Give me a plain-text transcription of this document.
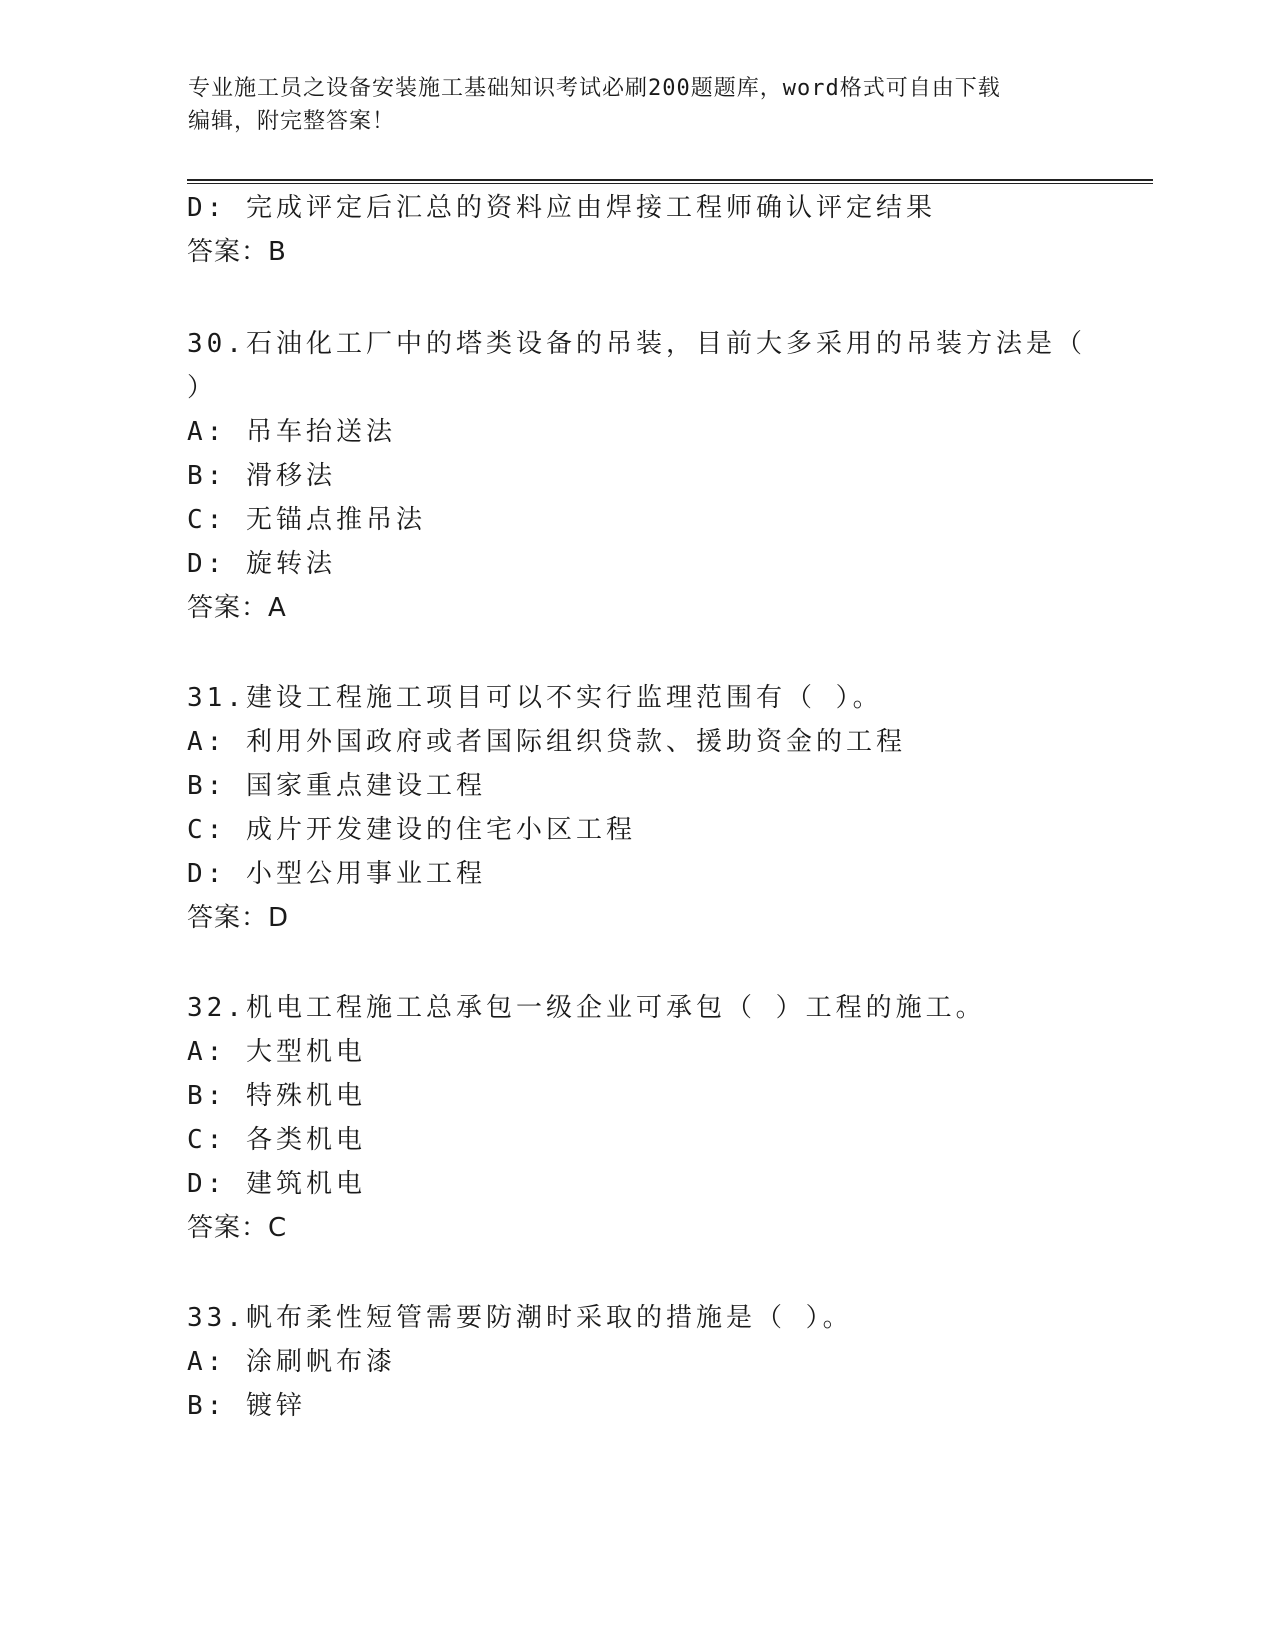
专业施工员之设备安装施工基础知识考试必刷200题题库，word格式可自由下载
编辑，附完整答案！
D: 完成评定后汇总的资料应由焊接工程师确认评定结果
答案：B
30.石油化工厂中的塔类设备的吊装，目前大多采用的吊装方法是（
）
A: 吊车抬送法
B: 滑移法
C: 无锚点推吊法
D: 旋转法
答案：A
31.建设工程施工项目可以不实行监理范围有（ ）。
A: 利用外国政府或者国际组织贷款、援助资金的工程
B: 国家重点建设工程
C: 成片开发建设的住宅小区工程
D: 小型公用事业工程
答案：D
32.机电工程施工总承包一级企业可承包（ ）工程的施工。
A: 大型机电
B: 特殊机电
C: 各类机电
D: 建筑机电
答案：C
33.帆布柔性短管需要防潮时采取的措施是（ ）。
A: 涂刷帆布漆
B: 镀锌
